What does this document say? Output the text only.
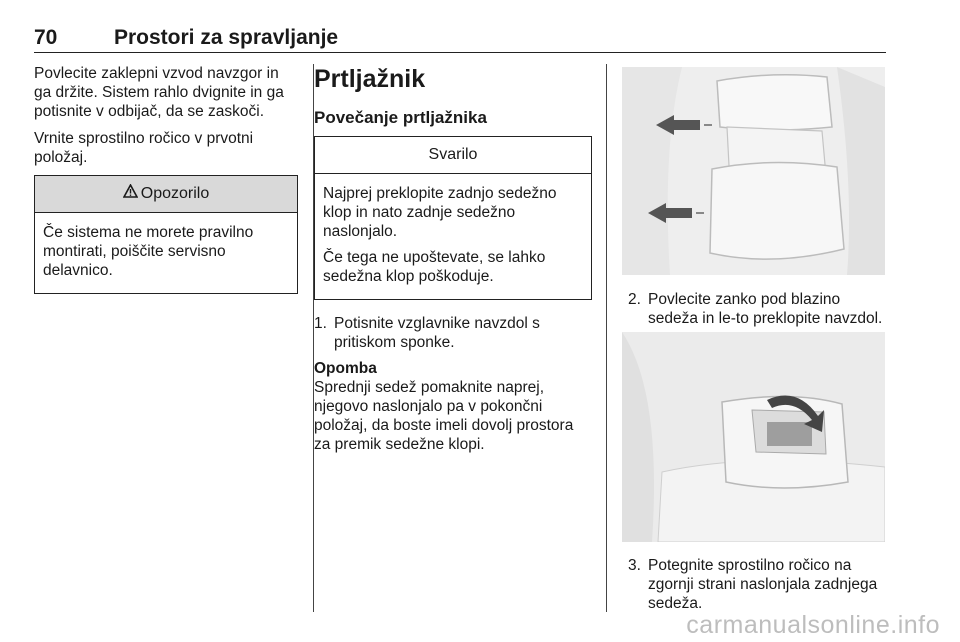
70	Prostori za spravljanje

Povlecite zaklepni vzvod navzgor in ga držite. Sistem rahlo dvignite in ga potisnite v odbijač, da se zaskoči.

Vrnite sprostilno ročico v prvotni položaj.

Opozorilo

Če sistema ne morete pravilno montirati, poiščite servisno delavnico.

Prtljažnik
Povečanje prtljažnika
Svarilo

Najprej preklopite zadnjo sedežno klop in nato zadnje sedežno naslonjalo.

Če tega ne upoštevate, se lahko sedežna klop poškoduje.

1. Potisnite vzglavnike navzdol s pritiskom sponke.
Opomba
Sprednji sedež pomaknite naprej, njegovo naslonjalo pa v pokončni položaj, da boste imeli dovolj prostora za premik sedežne klopi.
2. Povlecite zanko pod blazino sedeža in le-to preklopite navzdol.
3. Potegnite sprostilno ročico na zgornji strani naslonjala zadnjega sedeža.
carmanualsonline.info
